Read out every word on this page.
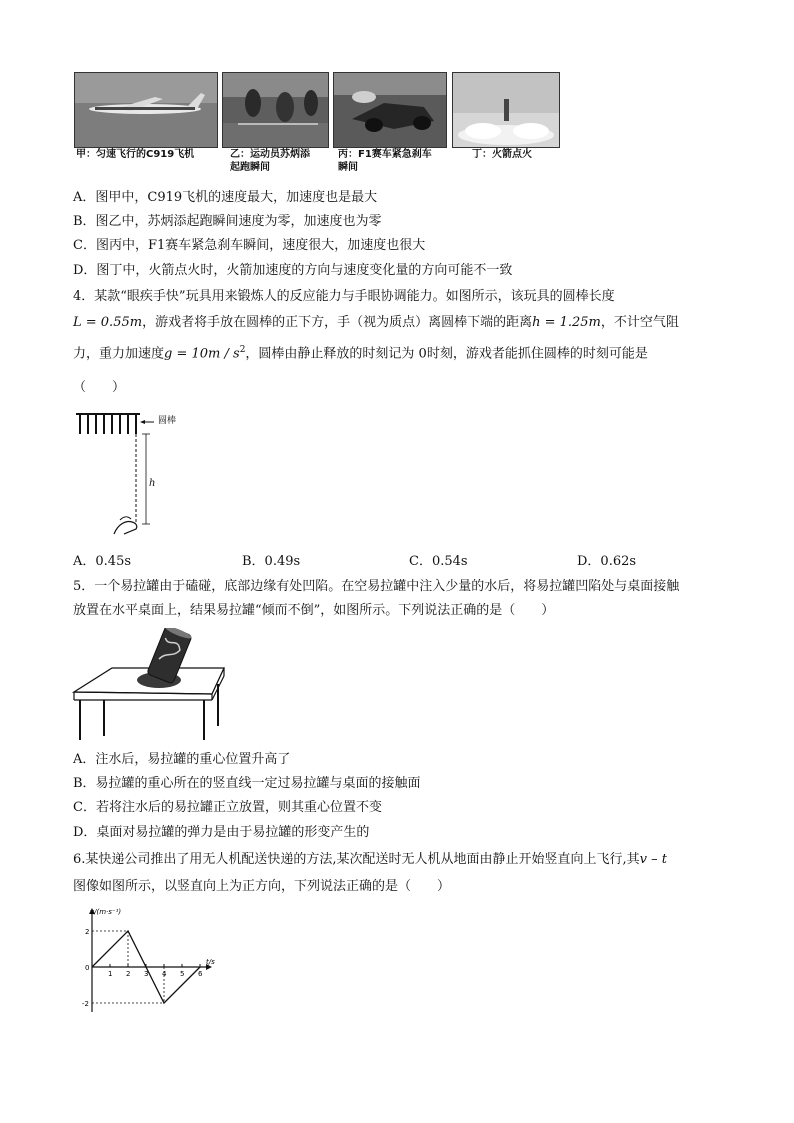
甲：匀速飞行的C919飞机	乙：运动员苏炳添
起跑瞬间
丙：F1赛车紧急刹车
瞬间
丁：火箭点火
A．图甲中，C919飞机的速度最大，加速度也是最大
B．图乙中，苏炳添起跑瞬间速度为零，加速度也为零
C．图丙中，F1赛车紧急刹车瞬间，速度很大，加速度也很大
D．图丁中，火箭点火时，火箭加速度的方向与速度变化量的方向可能不一致
4．某款“眼疾手快”玩具用来锻炼人的反应能力与手眼协调能力。如图所示，该玩具的圆棒长度
L = 0.55m，游戏者将手放在圆棒的正下方，手（视为质点）离圆棒下端的距离h = 1.25m，不计空气阻
力，重力加速度$g = 10m / s^2$，圆棒由静止释放的时刻记为 0时刻，游戏者能抓住圆棒的时刻可能是
（　　）
圆棒
h
A．0.45s	B．0.49s	C．0.54s	D．0.62s
5．一个易拉罐由于磕碰，底部边缘有处凹陷。在空易拉罐中注入少量的水后，将易拉罐凹陷处与桌面接触
放置在水平桌面上，结果易拉罐“倾而不倒”，如图所示。下列说法正确的是（　　）
A．注水后，易拉罐的重心位置升高了
B．易拉罐的重心所在的竖直线一定过易拉罐与桌面的接触面
C．若将注水后的易拉罐正立放置，则其重心位置不变
D．桌面对易拉罐的弹力是由于易拉罐的形变产生的
6.某快递公司推出了用无人机配送快递的方法,某次配送时无人机从地面由静止开始竖直向上飞行,其v – t
图像如图所示，以竖直向上为正方向，下列说法正确的是（　　）
v/(m·s⁻¹)
t/s
1 2 3 4 5 6
2
0
-2
